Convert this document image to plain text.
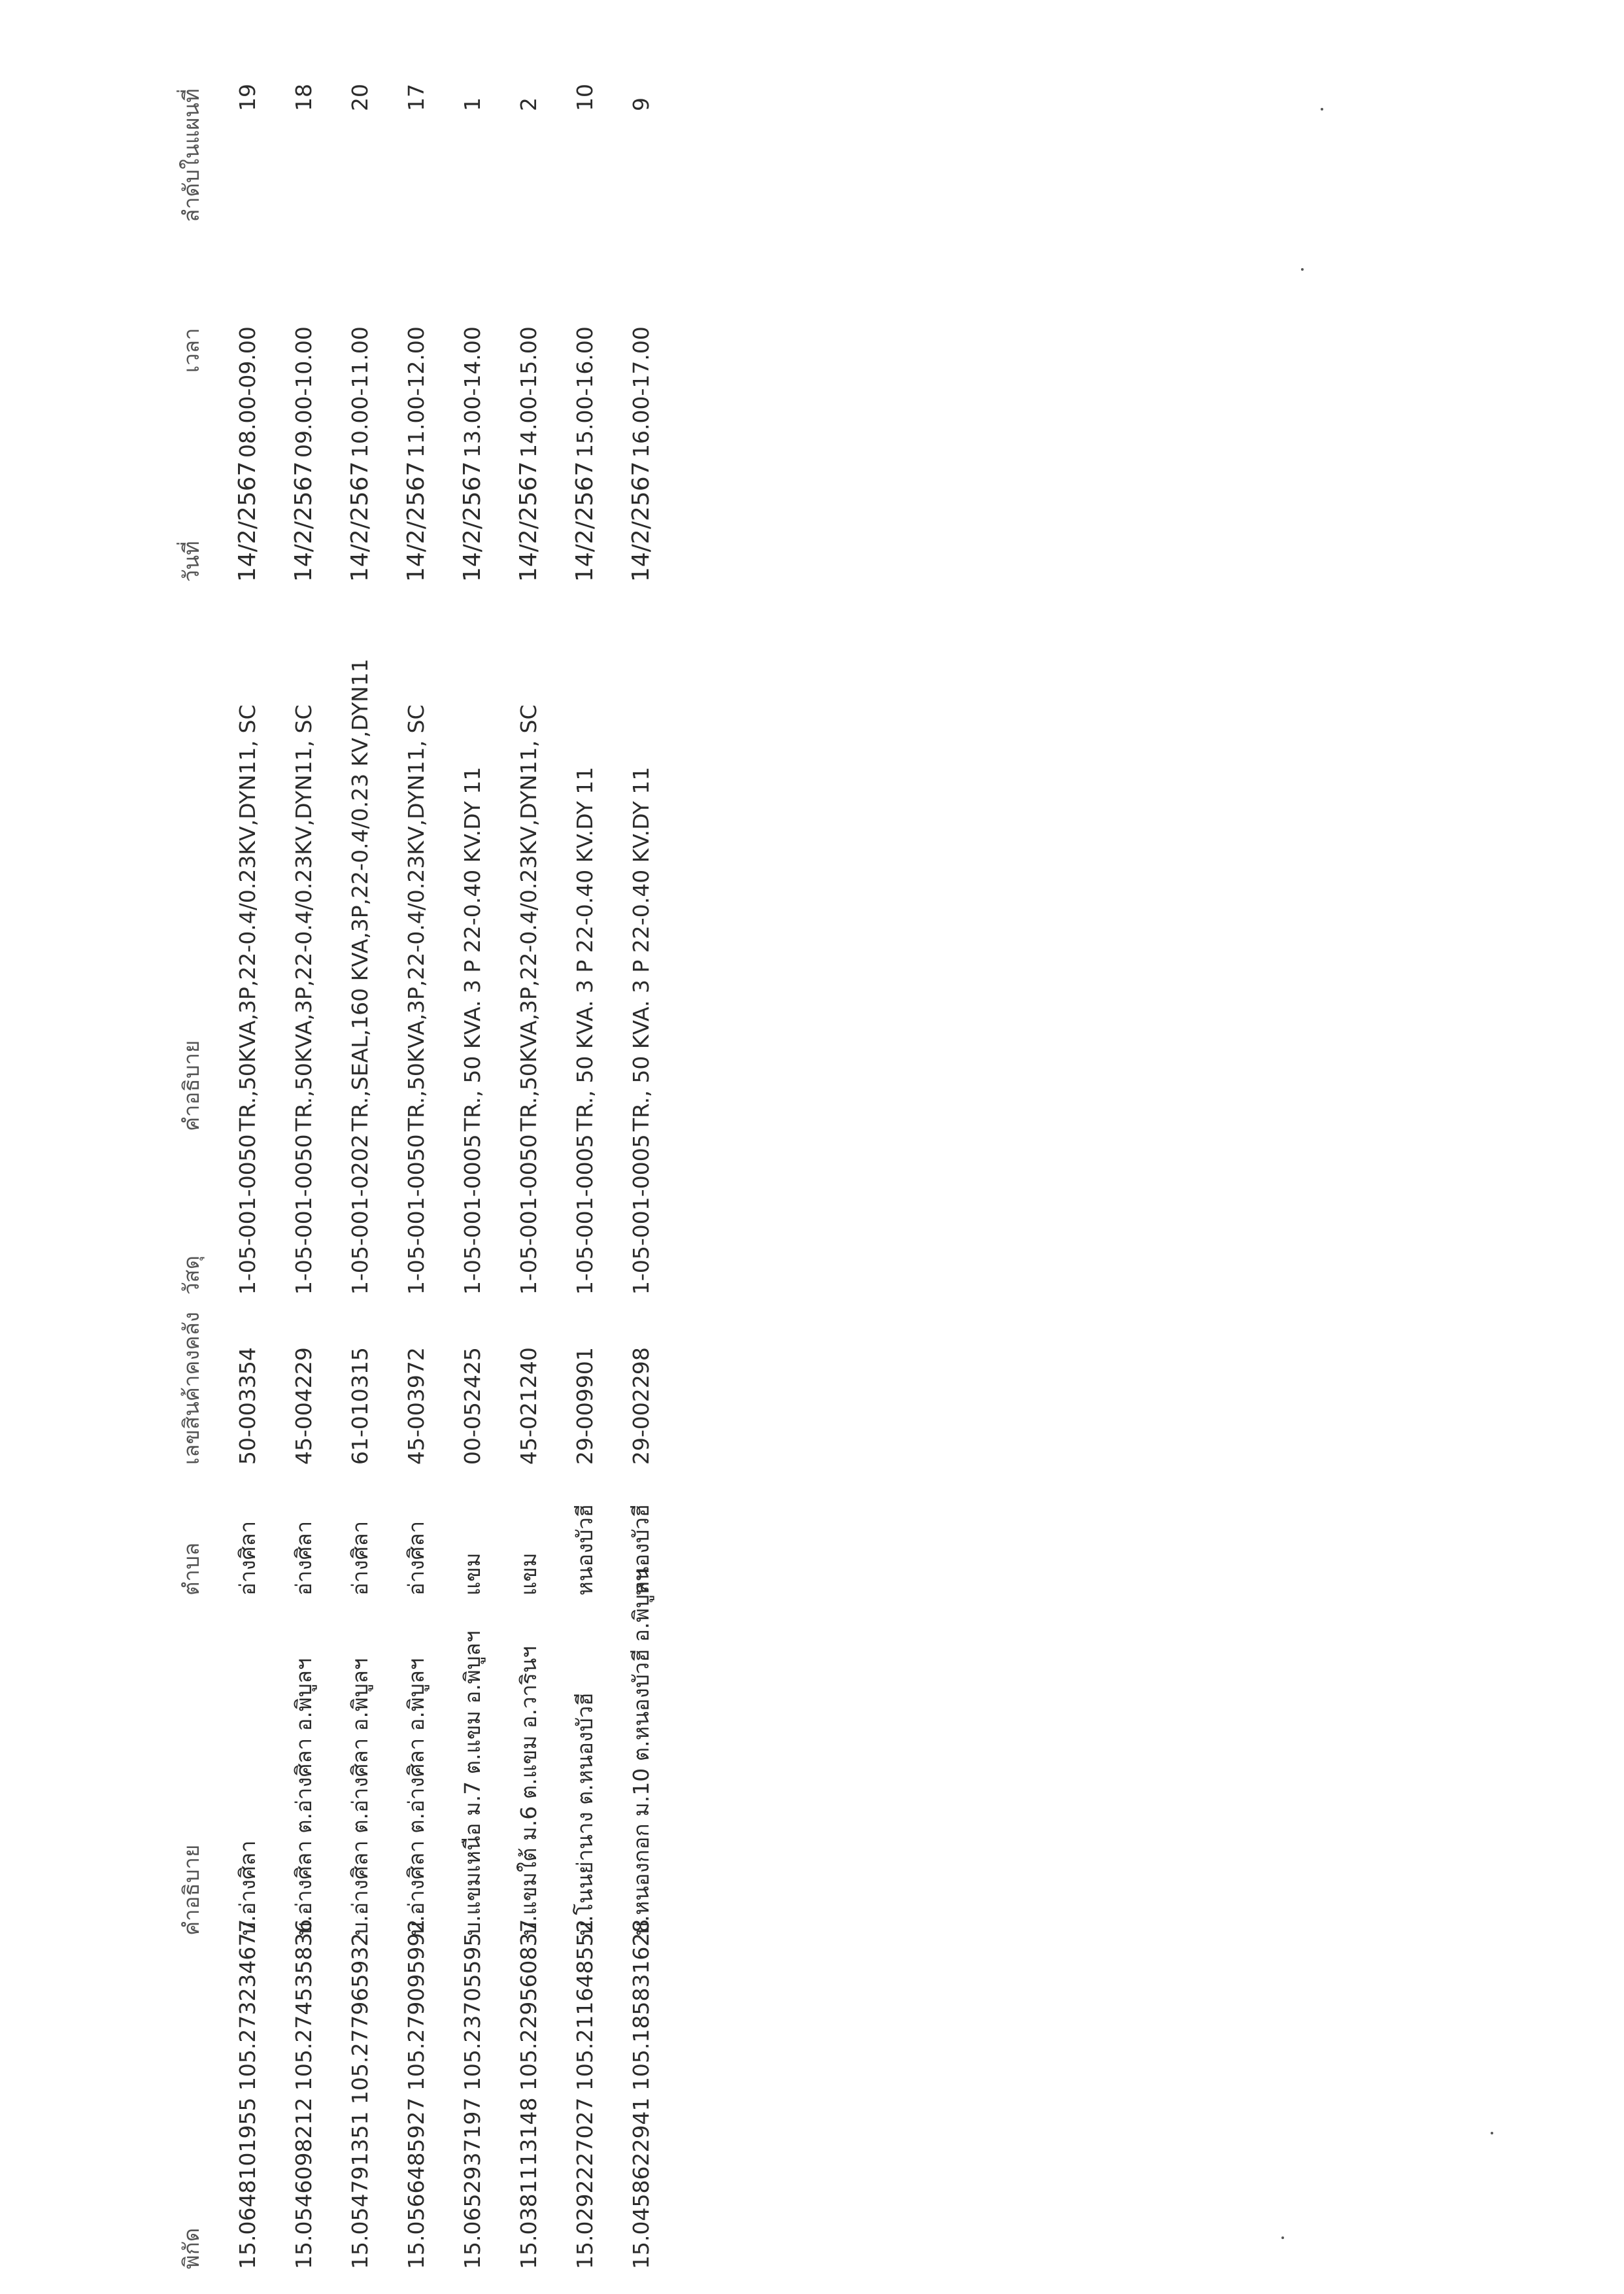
พิกัด
คำอธิบาย
ตำบล
เลขสินค้าคงคลัง
วัสดุ
คำอธิบาย
วันที่
เวลา
ลำดับในแผนที่
15.0648101955 105.273234677
บ.อ่างศิลา
อ่างศิลา
50-003354
1-05-001-0050
TR.,50KVA,3P,22-0.4/0.23KV,DYN11, SC
14/2/2567
08.00-09.00
19
15.0546098212 105.274535836
บ.อ่างศิลา ต.อ่างศิลา อ.พิบูลฯ
อ่างศิลา
45-004229
1-05-001-0050
TR.,50KVA,3P,22-0.4/0.23KV,DYN11, SC
14/2/2567
09.00-10.00
18
15.054791351 105.277965932
บ.อ่างศิลา ต.อ่างศิลา อ.พิบูลฯ
อ่างศิลา
61-010315
1-05-001-0202
TR.,SEAL,160 KVA,3P,22-0.4/0.23 KV,DYN11
14/2/2567
10.00-11.00
20
15.0566485927 105.279095992
บ.อ่างศิลา ต.อ่างศิลา อ.พิบูลฯ
อ่างศิลา
45-003972
1-05-001-0050
TR.,50KVA,3P,22-0.4/0.23KV,DYN11, SC
14/2/2567
11.00-12.00
17
15.0652937197 105.23705595
บ.แขมเหนือ ม.7 ต.แขม อ.พิบูลฯ
แขม
00-052425
1-05-001-0005
TR., 50 KVA. 3 P 22-0.40 KV.DY 11
14/2/2567
13.00-14.00
1
15.0381113148 105.229560837
บ.แขมใต้ ม.6 ต.แขม อ.วารินฯ
แขม
45-021240
1-05-001-0050
TR.,50KVA,3P,22-0.4/0.23KV,DYN11, SC
14/2/2567
14.00-15.00
2
15.0292227027 105.211648552
บ.โนนย่านาง ต.หนองบัวฮี
หนองบัวฮี
29-009901
1-05-001-0005
TR., 50 KVA. 3 P 22-0.40 KV.DY 11
14/2/2567
15.00-16.00
10
15.0458622941 105.185831628
บ.หนองกอก ม.10 ต.หนองบัวฮี อ.พิบูลฯ
หนองบัวฮี
29-002298
1-05-001-0005
TR., 50 KVA. 3 P 22-0.40 KV.DY 11
14/2/2567
16.00-17.00
9
